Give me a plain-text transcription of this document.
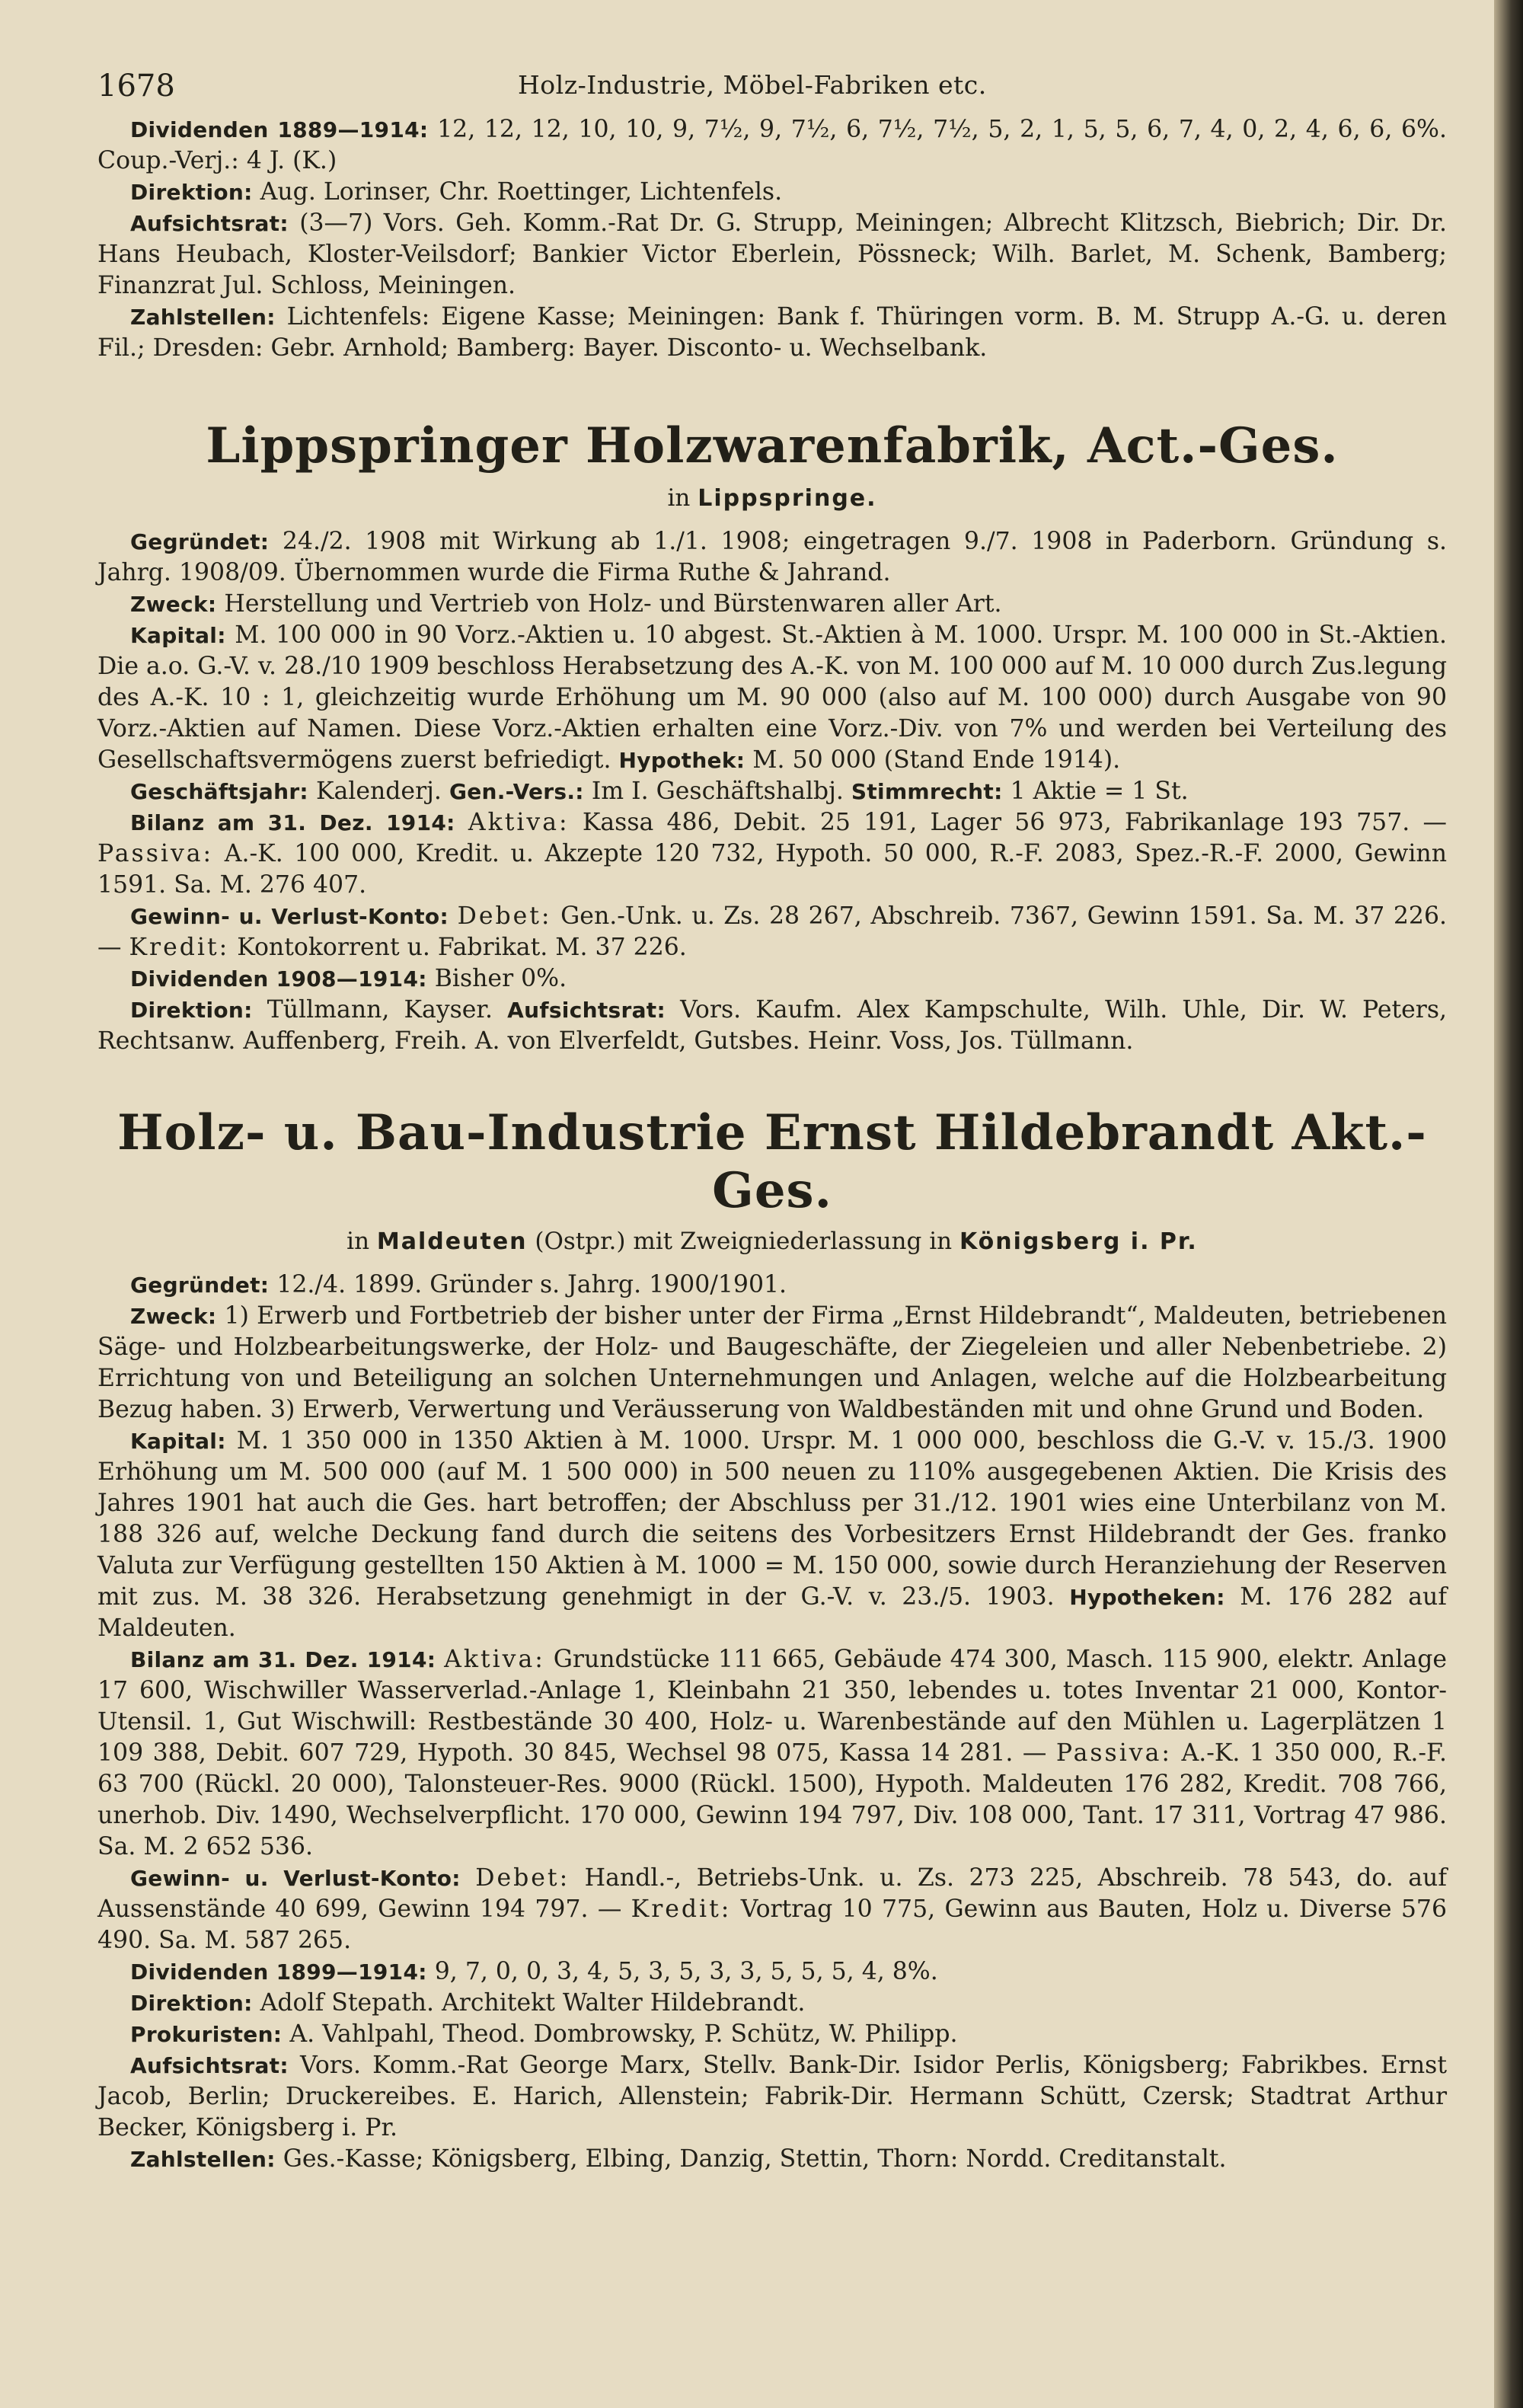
1678	Holz-Industrie, Möbel-Fabriken etc.

Dividenden 1889—1914: 12, 12, 12, 10, 10, 9, 7½, 9, 7½, 6, 7½, 7½, 5, 2, 1, 5, 5, 6, 7, 4, 0, 2, 4, 6, 6, 6%. Coup.-Verj.: 4 J. (K.)

Direktion: Aug. Lorinser, Chr. Roettinger, Lichtenfels.

Aufsichtsrat: (3—7) Vors. Geh. Komm.-Rat Dr. G. Strupp, Meiningen; Albrecht Klitzsch, Biebrich; Dir. Dr. Hans Heubach, Kloster-Veilsdorf; Bankier Victor Eberlein, Pössneck; Wilh. Barlet, M. Schenk, Bamberg; Finanzrat Jul. Schloss, Meiningen.

Zahlstellen: Lichtenfels: Eigene Kasse; Meiningen: Bank f. Thüringen vorm. B. M. Strupp A.-G. u. deren Fil.; Dresden: Gebr. Arnhold; Bamberg: Bayer. Disconto- u. Wechselbank.

Lippspringer Holzwarenfabrik, Act.-Ges.
in Lippspringe.

Gegründet: 24./2. 1908 mit Wirkung ab 1./1. 1908; eingetragen 9./7. 1908 in Paderborn. Gründung s. Jahrg. 1908/09. Übernommen wurde die Firma Ruthe & Jahrand.

Zweck: Herstellung und Vertrieb von Holz- und Bürstenwaren aller Art.

Kapital: M. 100 000 in 90 Vorz.-Aktien u. 10 abgest. St.-Aktien à M. 1000. Urspr. M. 100 000 in St.-Aktien. Die a.o. G.-V. v. 28./10 1909 beschloss Herabsetzung des A.-K. von M. 100 000 auf M. 10 000 durch Zus.legung des A.-K. 10 : 1, gleichzeitig wurde Erhöhung um M. 90 000 (also auf M. 100 000) durch Ausgabe von 90 Vorz.-Aktien auf Namen. Diese Vorz.-Aktien erhalten eine Vorz.-Div. von 7% und werden bei Verteilung des Gesellschaftsvermögens zuerst befriedigt. Hypothek: M. 50 000 (Stand Ende 1914).

Geschäftsjahr: Kalenderj. Gen.-Vers.: Im I. Geschäftshalbj. Stimmrecht: 1 Aktie = 1 St.

Bilanz am 31. Dez. 1914: Aktiva: Kassa 486, Debit. 25 191, Lager 56 973, Fabrikanlage 193 757. — Passiva: A.-K. 100 000, Kredit. u. Akzepte 120 732, Hypoth. 50 000, R.-F. 2083, Spez.-R.-F. 2000, Gewinn 1591. Sa. M. 276 407.

Gewinn- u. Verlust-Konto: Debet: Gen.-Unk. u. Zs. 28 267, Abschreib. 7367, Gewinn 1591. Sa. M. 37 226. — Kredit: Kontokorrent u. Fabrikat. M. 37 226.

Dividenden 1908—1914: Bisher 0%.

Direktion: Tüllmann, Kayser. Aufsichtsrat: Vors. Kaufm. Alex Kampschulte, Wilh. Uhle, Dir. W. Peters, Rechtsanw. Auffenberg, Freih. A. von Elverfeldt, Gutsbes. Heinr. Voss, Jos. Tüllmann.

Holz- u. Bau-Industrie Ernst Hildebrandt Akt.-Ges.
in Maldeuten (Ostpr.) mit Zweigniederlassung in Königsberg i. Pr.

Gegründet: 12./4. 1899. Gründer s. Jahrg. 1900/1901.

Zweck: 1) Erwerb und Fortbetrieb der bisher unter der Firma „Ernst Hildebrandt“, Maldeuten, betriebenen Säge- und Holzbearbeitungswerke, der Holz- und Baugeschäfte, der Ziegeleien und aller Nebenbetriebe. 2) Errichtung von und Beteiligung an solchen Unternehmungen und Anlagen, welche auf die Holzbearbeitung Bezug haben. 3) Erwerb, Verwertung und Veräusserung von Waldbeständen mit und ohne Grund und Boden.

Kapital: M. 1 350 000 in 1350 Aktien à M. 1000. Urspr. M. 1 000 000, beschloss die G.-V. v. 15./3. 1900 Erhöhung um M. 500 000 (auf M. 1 500 000) in 500 neuen zu 110% ausgegebenen Aktien. Die Krisis des Jahres 1901 hat auch die Ges. hart betroffen; der Abschluss per 31./12. 1901 wies eine Unterbilanz von M. 188 326 auf, welche Deckung fand durch die seitens des Vorbesitzers Ernst Hildebrandt der Ges. franko Valuta zur Verfügung gestellten 150 Aktien à M. 1000 = M. 150 000, sowie durch Heranziehung der Reserven mit zus. M. 38 326. Herabsetzung genehmigt in der G.-V. v. 23./5. 1903. Hypotheken: M. 176 282 auf Maldeuten.

Bilanz am 31. Dez. 1914: Aktiva: Grundstücke 111 665, Gebäude 474 300, Masch. 115 900, elektr. Anlage 17 600, Wischwiller Wasserverlad.-Anlage 1, Kleinbahn 21 350, lebendes u. totes Inventar 21 000, Kontor-Utensil. 1, Gut Wischwill: Restbestände 30 400, Holz- u. Warenbestände auf den Mühlen u. Lagerplätzen 1 109 388, Debit. 607 729, Hypoth. 30 845, Wechsel 98 075, Kassa 14 281. — Passiva: A.-K. 1 350 000, R.-F. 63 700 (Rückl. 20 000), Talonsteuer-Res. 9000 (Rückl. 1500), Hypoth. Maldeuten 176 282, Kredit. 708 766, unerhob. Div. 1490, Wechselverpflicht. 170 000, Gewinn 194 797, Div. 108 000, Tant. 17 311, Vortrag 47 986. Sa. M. 2 652 536.

Gewinn- u. Verlust-Konto: Debet: Handl.-, Betriebs-Unk. u. Zs. 273 225, Abschreib. 78 543, do. auf Aussenstände 40 699, Gewinn 194 797. — Kredit: Vortrag 10 775, Gewinn aus Bauten, Holz u. Diverse 576 490. Sa. M. 587 265.

Dividenden 1899—1914: 9, 7, 0, 0, 3, 4, 5, 3, 5, 3, 3, 5, 5, 5, 4, 8%.

Direktion: Adolf Stepath. Architekt Walter Hildebrandt.

Prokuristen: A. Vahlpahl, Theod. Dombrowsky, P. Schütz, W. Philipp.

Aufsichtsrat: Vors. Komm.-Rat George Marx, Stellv. Bank-Dir. Isidor Perlis, Königsberg; Fabrikbes. Ernst Jacob, Berlin; Druckereibes. E. Harich, Allenstein; Fabrik-Dir. Hermann Schütt, Czersk; Stadtrat Arthur Becker, Königsberg i. Pr.

Zahlstellen: Ges.-Kasse; Königsberg, Elbing, Danzig, Stettin, Thorn: Nordd. Creditanstalt.
